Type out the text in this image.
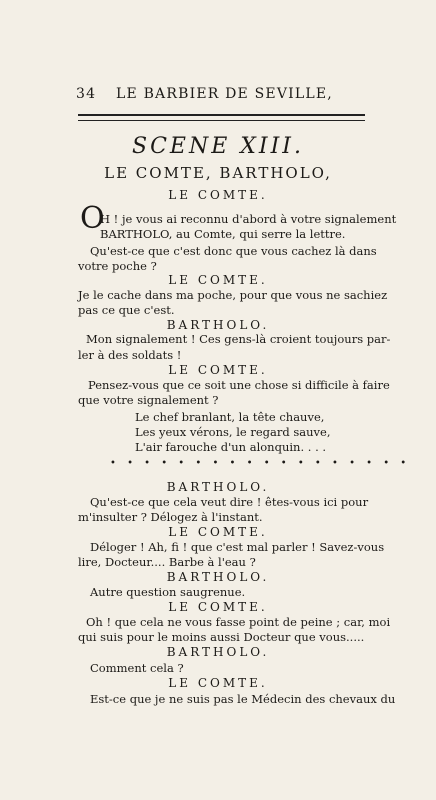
34 LE BARBIER DE SEVILLE,
SCENE XIII.
LE COMTE, BARTHOLO,
LE COMTE.
O
H ! je vous ai reconnu d'abord à votre signalement
BARTHOLO, au Comte, qui serre la lettre.
Qu'est-ce que c'est donc que vous cachez là dans
votre poche ?
LE COMTE.
Je le cache dans ma poche, pour que vous ne sachiez
pas ce que c'est.
BARTHOLO.
Mon signalement ! Ces gens-là croient toujours par-
ler à des soldats !
LE COMTE.
Pensez-vous que ce soit une chose si difficile à faire
que votre signalement ?
Le chef branlant, la tête chauve,
Les yeux vérons, le regard sauve,
L'air farouche d'un alonquin. . . .
• • • • • • • • • • • • • • • • • •
BARTHOLO.
Qu'est-ce que cela veut dire ! êtes-vous ici pour
m'insulter ? Délogez à l'instant.
LE COMTE.
Déloger ! Ah, fi ! que c'est mal parler ! Savez-vous
lire, Docteur.... Barbe à l'eau ?
BARTHOLO.
Autre question saugrenue.
LE COMTE.
Oh ! que cela ne vous fasse point de peine ; car, moi
qui suis pour le moins aussi Docteur que vous.....
BARTHOLO.
Comment cela ?
LE COMTE.
Est-ce que je ne suis pas le Médecin des chevaux du
